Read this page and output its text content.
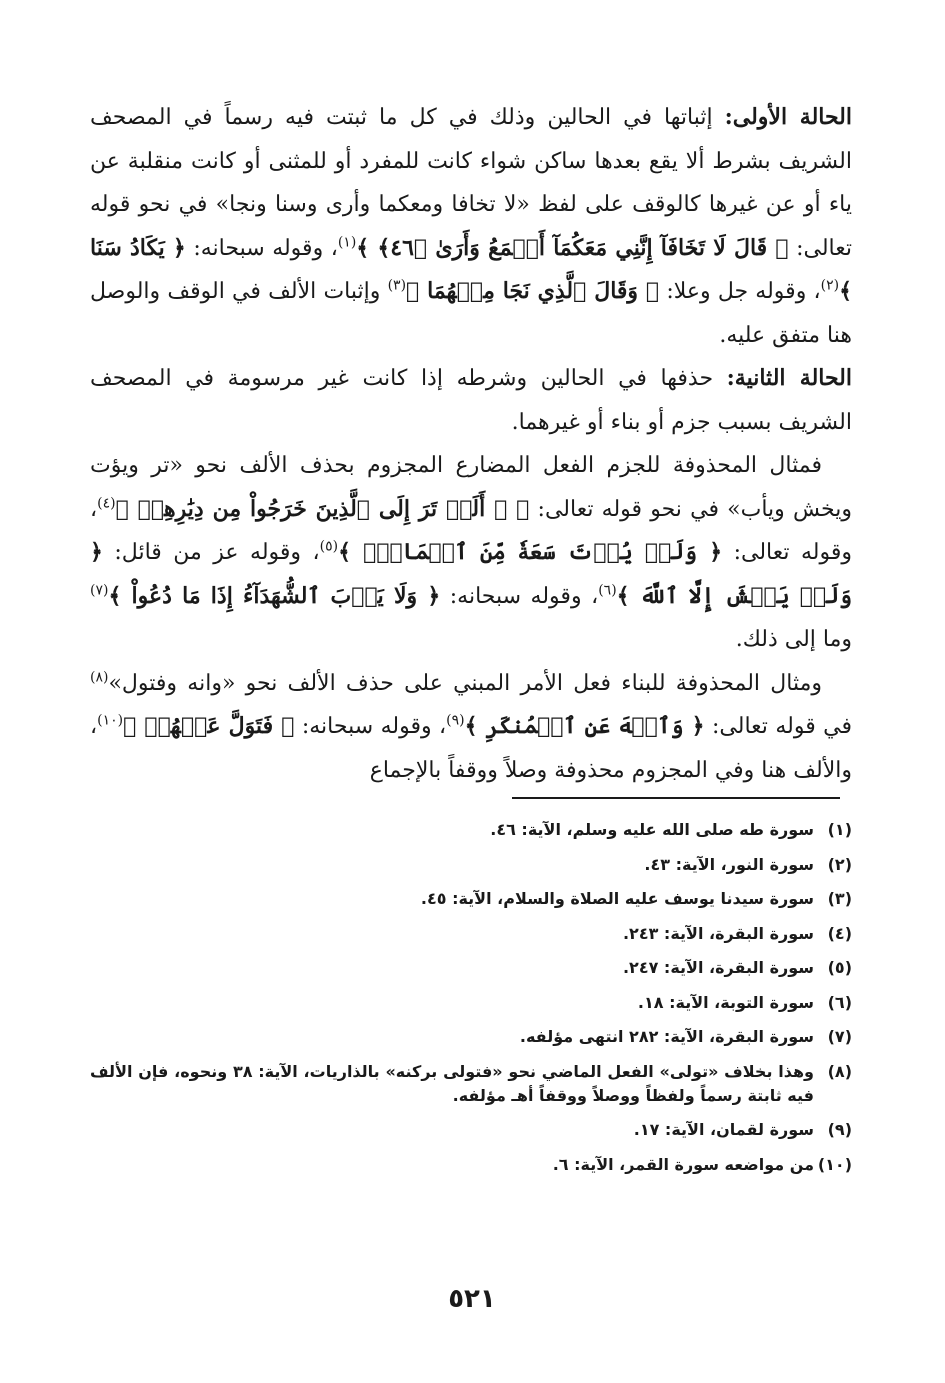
الحالة الأولى: إثباتها في الحالين وذلك في كل ما ثبتت فيه رسماً في المصحف الشريف بشرط ألا يقع بعدها ساكن شواء كانت للمفرد أو للمثنى أو كانت منقلبة عن ياء أو عن غيرها كالوقف على لفظ «لا تخافا ومعكما وأرى وسنا ونجا» في نحو قوله تعالى: ﴿ قَالَ لَا تَخَافَآ إِنَّنِي مَعَكُمَآ أَسۡمَعُ وَأَرَىٰ ﴿٤٦﴾ ﴾$^{(١)}$، وقوله سبحانه: ﴿ يَكَادُ سَنَا ﴾$^{(٢)}$، وقوله جل وعلا: ﴿ وَقَالَ ٱلَّذِي نَجَا مِنۡهُمَا ﴾$^{(٣)}$ وإثبات الألف في الوقف والوصل هنا متفق عليه.

الحالة الثانية: حذفها في الحالين وشرطه إذا كانت غير مرسومة في المصحف الشريف بسبب جزم أو بناء أو غيرهما.

فمثال المحذوفة للجزم الفعل المضارع المجزوم بحذف الألف نحو «تر ويؤت ويخش ويأب» في نحو قوله تعالى: ﴿ ۞ أَلَمۡ تَرَ إِلَى ٱلَّذِينَ خَرَجُواْ مِن دِيَٰرِهِمۡ ﴾$^{(٤)}$، وقوله تعالى: ﴿ وَلَمۡ يُؤۡتَ سَعَةٗ مِّنَ ٱلۡمَالِۚ ﴾$^{(٥)}$، وقوله عز من قائل: ﴿ وَلَمۡ يَخۡشَ إِلَّا ٱللَّهَ ﴾$^{(٦)}$، وقوله سبحانه: ﴿ وَلَا يَأۡبَ ٱلشُّهَدَآءُ إِذَا مَا دُعُواْ ﴾$^{(٧)}$ وما إلى ذلك.

ومثال المحذوفة للبناء فعل الأمر المبني على حذف الألف نحو «وانه وفتول»$^{(٨)}$ في قوله تعالى: ﴿ وَٱنۡهَ عَنِ ٱلۡمُنكَرِ ﴾$^{(٩)}$، وقوله سبحانه: ﴿ فَتَوَلَّ عَنۡهُمۡ ﴾$^{(١٠)}$، والألف هنا وفي المجزوم محذوفة وصلاً ووقفاً بالإجماع

(١)
سورة طه صلى الله عليه وسلم، الآية: ٤٦.
(٢)
سورة النور، الآية: ٤٣.
(٣)
سورة سيدنا يوسف عليه الصلاة والسلام، الآية: ٤٥.
(٤)
سورة البقرة، الآية: ٢٤٣.
(٥)
سورة البقرة، الآية: ٢٤٧.
(٦)
سورة التوبة، الآية: ١٨.
(٧)
سورة البقرة، الآية: ٢٨٢ انتهى مؤلفه.
(٨)
وهذا بخلاف «تولى» الفعل الماضي نحو «فتولى بركنه» بالذاريات، الآية: ٣٨ ونحوه، فإن الألف فيه ثابتة رسماً ولفظاً ووصلاً ووقفاً أهـ مؤلفه.
(٩)
سورة لقمان، الآية: ١٧.
(١٠)
من مواضعه سورة القمر، الآية: ٦.
٥٢١
